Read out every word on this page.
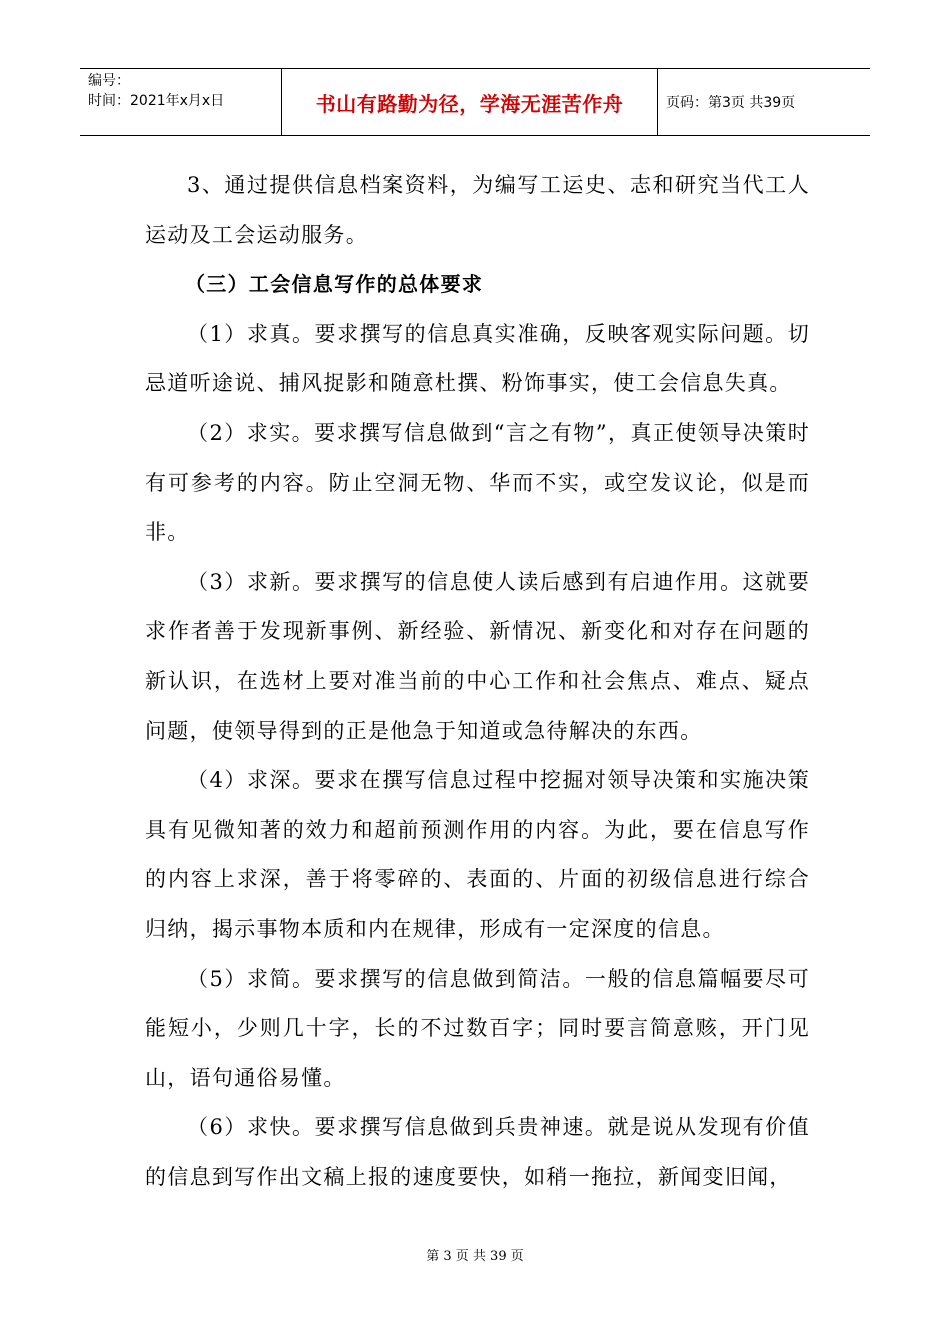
编号：
时间：2021年x月x日	书山有路勤为径，学海无涯苦作舟	页码：第3页 共39页

3、通过提供信息档案资料，为编写工运史、志和研究当代工人运动及工会运动服务。

（三）工会信息写作的总体要求

（1）求真。要求撰写的信息真实准确，反映客观实际问题。切忌道听途说、捕风捉影和随意杜撰、粉饰事实，使工会信息失真。

（2）求实。要求撰写信息做到“言之有物”，真正使领导决策时有可参考的内容。防止空洞无物、华而不实，或空发议论，似是而非。

（3）求新。要求撰写的信息使人读后感到有启迪作用。这就要求作者善于发现新事例、新经验、新情况、新变化和对存在问题的新认识，在选材上要对准当前的中心工作和社会焦点、难点、疑点问题，使领导得到的正是他急于知道或急待解决的东西。

（4）求深。要求在撰写信息过程中挖掘对领导决策和实施决策具有见微知著的效力和超前预测作用的内容。为此，要在信息写作的内容上求深，善于将零碎的、表面的、片面的初级信息进行综合归纳，揭示事物本质和内在规律，形成有一定深度的信息。

（5）求简。要求撰写的信息做到简洁。一般的信息篇幅要尽可能短小，少则几十字，长的不过数百字；同时要言简意赅，开门见山，语句通俗易懂。

（6）求快。要求撰写信息做到兵贵神速。就是说从发现有价值的信息到写作出文稿上报的速度要快，如稍一拖拉，新闻变旧闻，

第 3 页 共 39 页
